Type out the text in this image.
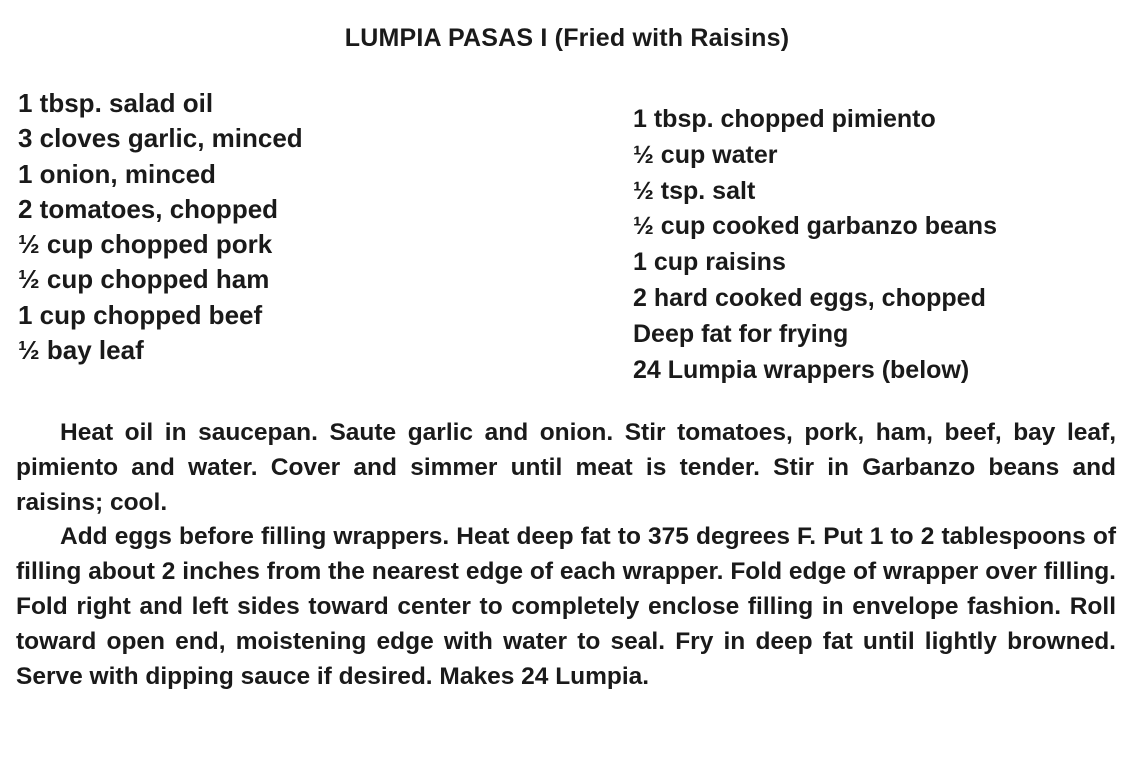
LUMPIA PASAS I (Fried with Raisins)
1 tbsp. salad oil
3 cloves garlic, minced
1 onion, minced
2 tomatoes, chopped
½ cup chopped pork
½ cup chopped ham
1 cup chopped beef
½ bay leaf
1 tbsp. chopped pimiento
½ cup water
½ tsp. salt
½ cup cooked garbanzo beans
1 cup raisins
2 hard cooked eggs, chopped
Deep fat for frying
24 Lumpia wrappers (below)

Heat oil in saucepan. Saute garlic and onion. Stir tomatoes, pork, ham, beef, bay leaf, pimiento and water. Cover and simmer until meat is tender. Stir in Garbanzo beans and raisins; cool.

Add eggs before filling wrappers. Heat deep fat to 375 degrees F. Put 1 to 2 tablespoons of filling about 2 inches from the nearest edge of each wrapper. Fold edge of wrapper over filling. Fold right and left sides toward center to completely enclose filling in envelope fashion. Roll toward open end, moistening edge with water to seal. Fry in deep fat until lightly browned. Serve with dipping sauce if desired. Makes 24 Lumpia.
